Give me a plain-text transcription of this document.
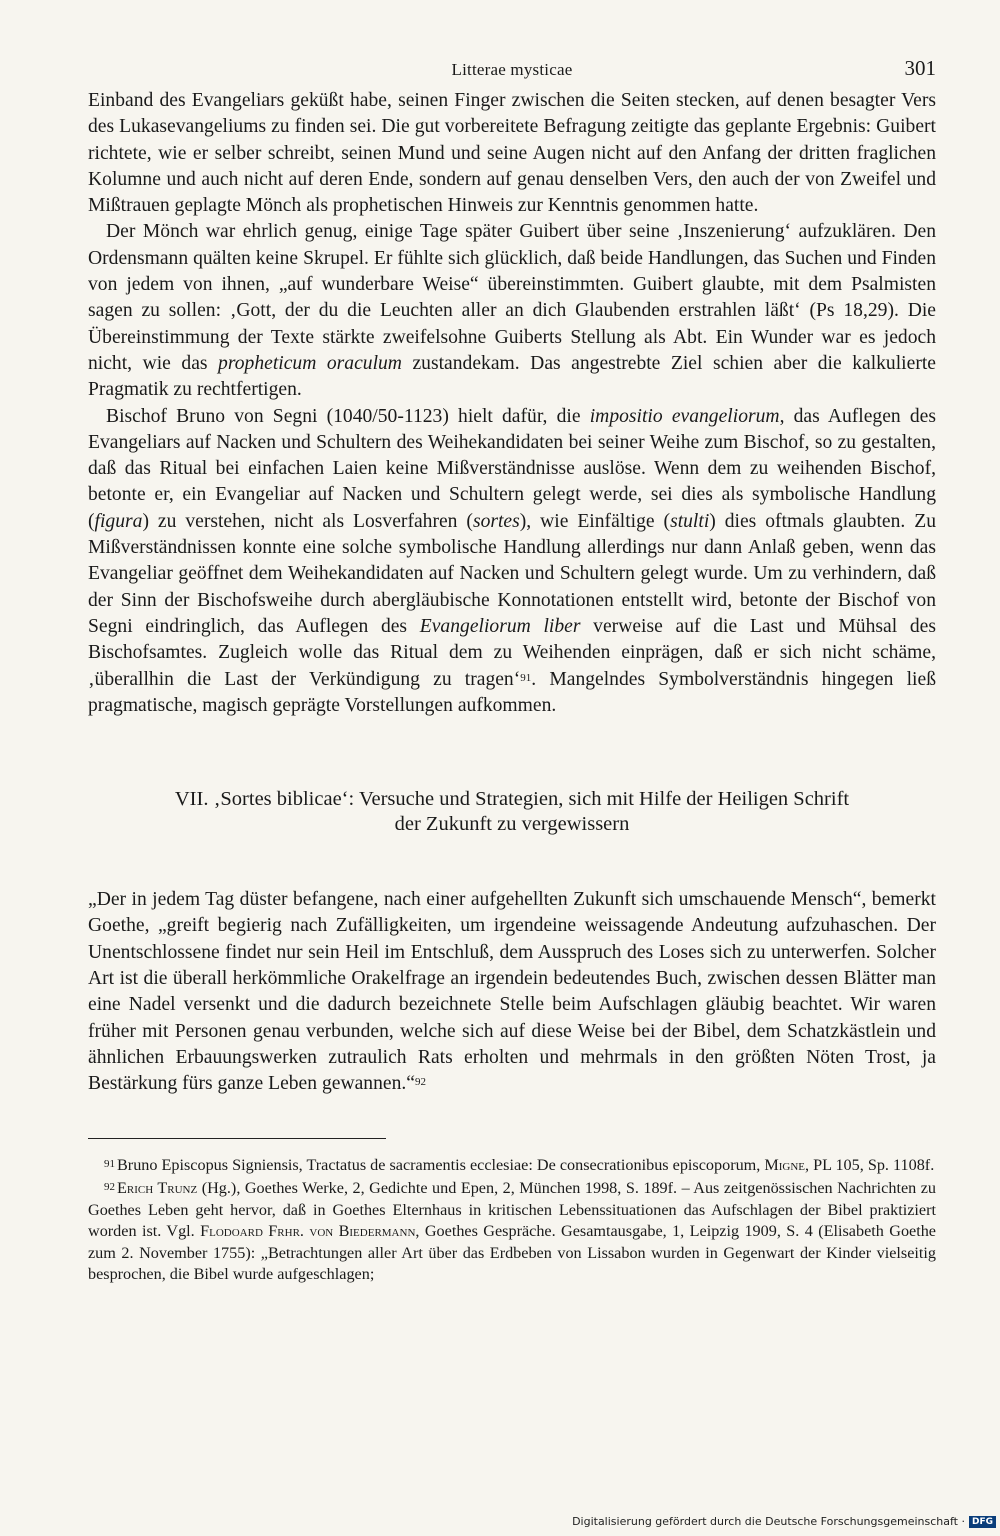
Litterae mysticae	301

Einband des Evangeliars geküßt habe, seinen Finger zwischen die Seiten stecken, auf denen besagter Vers des Lukasevangeliums zu finden sei. Die gut vorbereitete Befragung zeitigte das geplante Ergebnis: Guibert richtete, wie er selber schreibt, seinen Mund und seine Augen nicht auf den Anfang der dritten fraglichen Kolumne und auch nicht auf deren Ende, sondern auf genau denselben Vers, den auch der von Zweifel und Mißtrauen geplagte Mönch als prophetischen Hinweis zur Kenntnis genommen hatte.

Der Mönch war ehrlich genug, einige Tage später Guibert über seine ‚Inszenierung‘ aufzuklären. Den Ordensmann quälten keine Skrupel. Er fühlte sich glücklich, daß beide Handlungen, das Suchen und Finden von jedem von ihnen, „auf wunderbare Weise“ übereinstimmten. Guibert glaubte, mit dem Psalmisten sagen zu sollen: ‚Gott, der du die Leuchten aller an dich Glaubenden erstrahlen läßt‘ (Ps 18,29). Die Übereinstimmung der Texte stärkte zweifelsohne Guiberts Stellung als Abt. Ein Wunder war es jedoch nicht, wie das propheticum oraculum zustandekam. Das angestrebte Ziel schien aber die kalkulierte Pragmatik zu rechtfertigen.

Bischof Bruno von Segni (1040/50-1123) hielt dafür, die impositio evangeliorum, das Auflegen des Evangeliars auf Nacken und Schultern des Weihekandidaten bei seiner Weihe zum Bischof, so zu gestalten, daß das Ritual bei einfachen Laien keine Mißverständnisse auslöse. Wenn dem zu weihenden Bischof, betonte er, ein Evangeliar auf Nacken und Schultern gelegt werde, sei dies als symbolische Handlung (figura) zu verstehen, nicht als Losverfahren (sortes), wie Einfältige (stulti) dies oftmals glaubten. Zu Mißverständnissen konnte eine solche symbolische Handlung allerdings nur dann Anlaß geben, wenn das Evangeliar geöffnet dem Weihekandidaten auf Nacken und Schultern gelegt wurde. Um zu verhindern, daß der Sinn der Bischofsweihe durch abergläubische Konnotationen entstellt wird, betonte der Bischof von Segni eindringlich, das Auflegen des Evangeliorum liber verweise auf die Last und Mühsal des Bischofsamtes. Zugleich wolle das Ritual dem zu Weihenden einprägen, daß er sich nicht schäme, ‚überallhin die Last der Verkündigung zu tragen‘$^{91}$. Mangelndes Symbolverständnis hingegen ließ pragmatische, magisch geprägte Vorstellungen aufkommen.

VII. ‚Sortes biblicae‘: Versuche und Strategien, sich mit Hilfe der Heiligen Schrift
der Zukunft zu vergewissern

„Der in jedem Tag düster befangene, nach einer aufgehellten Zukunft sich umschauende Mensch“, bemerkt Goethe, „greift begierig nach Zufälligkeiten, um irgendeine weissagende Andeutung aufzuhaschen. Der Unentschlossene findet nur sein Heil im Entschluß, dem Ausspruch des Loses sich zu unterwerfen. Solcher Art ist die überall herkömmliche Orakelfrage an irgendein bedeutendes Buch, zwischen dessen Blätter man eine Nadel versenkt und die dadurch bezeichnete Stelle beim Aufschlagen gläubig beachtet. Wir waren früher mit Personen genau verbunden, welche sich auf diese Weise bei der Bibel, dem Schatzkästlein und ähnlichen Erbauungswerken zutraulich Rats erholten und mehrmals in den größten Nöten Trost, ja Bestärkung fürs ganze Leben gewannen.“$^{92}$

$^{91}$ Bruno Episcopus Signiensis, Tractatus de sacramentis ecclesiae: De consecrationibus episcoporum, Migne, PL 105, Sp. 1108f.

$^{92}$ Erich Trunz (Hg.), Goethes Werke, 2, Gedichte und Epen, 2, München 1998, S. 189f. – Aus zeitgenössischen Nachrichten zu Goethes Leben geht hervor, daß in Goethes Elternhaus in kritischen Lebenssituationen das Aufschlagen der Bibel praktiziert worden ist. Vgl. Flodoard Frhr. von Biedermann, Goethes Gespräche. Gesamtausgabe, 1, Leipzig 1909, S. 4 (Elisabeth Goethe zum 2. November 1755): „Betrachtungen aller Art über das Erdbeben von Lissabon wurden in Gegenwart der Kinder vielseitig besprochen, die Bibel wurde aufgeschlagen;

Digitalisierung gefördert durch die Deutsche Forschungsgemeinschaft · DFG
